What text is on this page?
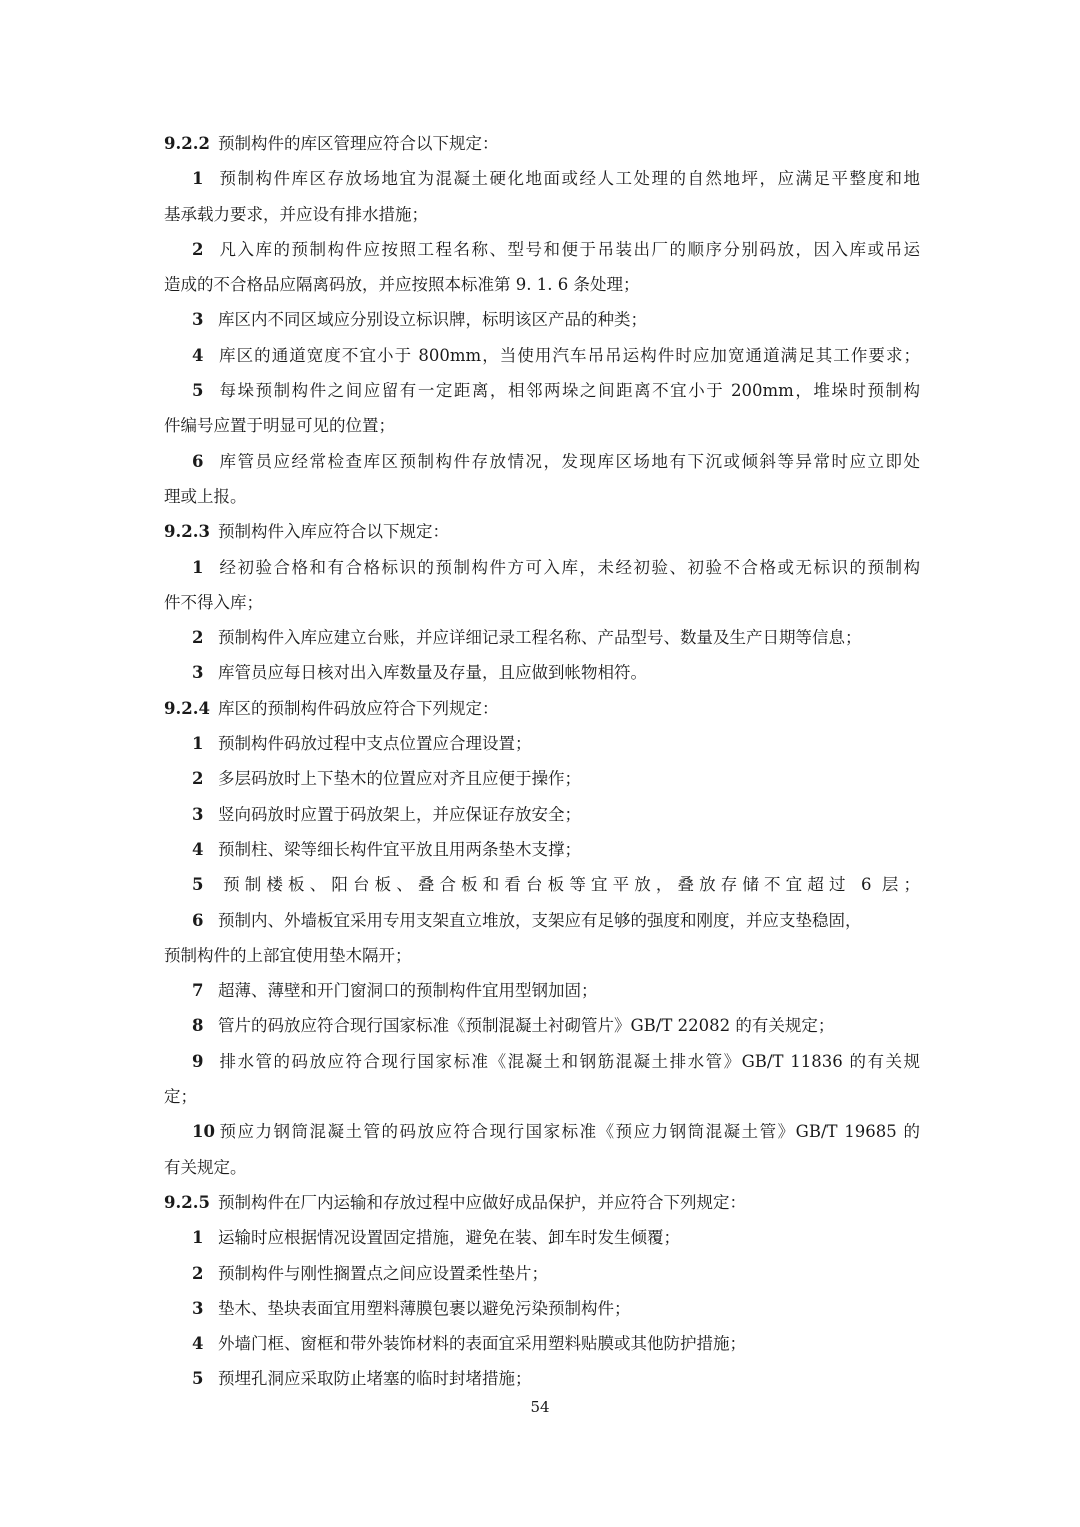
9.2.2 预制构件的库区管理应符合以下规定：
1 预制构件库区存放场地宜为混凝土硬化地面或经人工处理的自然地坪，应满足平整度和地
基承载力要求，并应设有排水措施；
2 凡入库的预制构件应按照工程名称、型号和便于吊装出厂的顺序分别码放，因入库或吊运
造成的不合格品应隔离码放，并应按照本标准第 9. 1. 6 条处理；
3 库区内不同区域应分别设立标识牌，标明该区产品的种类；
4 库区的通道宽度不宜小于 800mm，当使用汽车吊吊运构件时应加宽通道满足其工作要求；
5 每垛预制构件之间应留有一定距离，相邻两垛之间距离不宜小于 200mm，堆垛时预制构
件编号应置于明显可见的位置；
6 库管员应经常检查库区预制构件存放情况，发现库区场地有下沉或倾斜等异常时应立即处
理或上报。
9.2.3 预制构件入库应符合以下规定：
1 经初验合格和有合格标识的预制构件方可入库，未经初验、初验不合格或无标识的预制构
件不得入库；
2 预制构件入库应建立台账，并应详细记录工程名称、产品型号、数量及生产日期等信息；
3 库管员应每日核对出入库数量及存量，且应做到帐物相符。
9.2.4 库区的预制构件码放应符合下列规定：
1 预制构件码放过程中支点位置应合理设置；
2 多层码放时上下垫木的位置应对齐且应便于操作；
3 竖向码放时应置于码放架上，并应保证存放安全；
4 预制柱、梁等细长构件宜平放且用两条垫木支撑；
5 预制楼板、阳台板、叠合板和看台板等宜平放，叠放存储不宜超过 6 层；
6 预制内、外墙板宜采用专用支架直立堆放，支架应有足够的强度和刚度，并应支垫稳固，
预制构件的上部宜使用垫木隔开；
7 超薄、薄壁和开门窗洞口的预制构件宜用型钢加固；
8 管片的码放应符合现行国家标准《预制混凝土衬砌管片》GB/T 22082 的有关规定；
9 排水管的码放应符合现行国家标准《混凝土和钢筋混凝土排水管》GB/T 11836 的有关规
定；
10 预应力钢筒混凝土管的码放应符合现行国家标准《预应力钢筒混凝土管》GB/T 19685 的
有关规定。
9.2.5 预制构件在厂内运输和存放过程中应做好成品保护，并应符合下列规定：
1 运输时应根据情况设置固定措施，避免在装、卸车时发生倾覆；
2 预制构件与刚性搁置点之间应设置柔性垫片；
3 垫木、垫块表面宜用塑料薄膜包裹以避免污染预制构件；
4 外墙门框、窗框和带外装饰材料的表面宜采用塑料贴膜或其他防护措施；
5 预埋孔洞应采取防止堵塞的临时封堵措施；
54
